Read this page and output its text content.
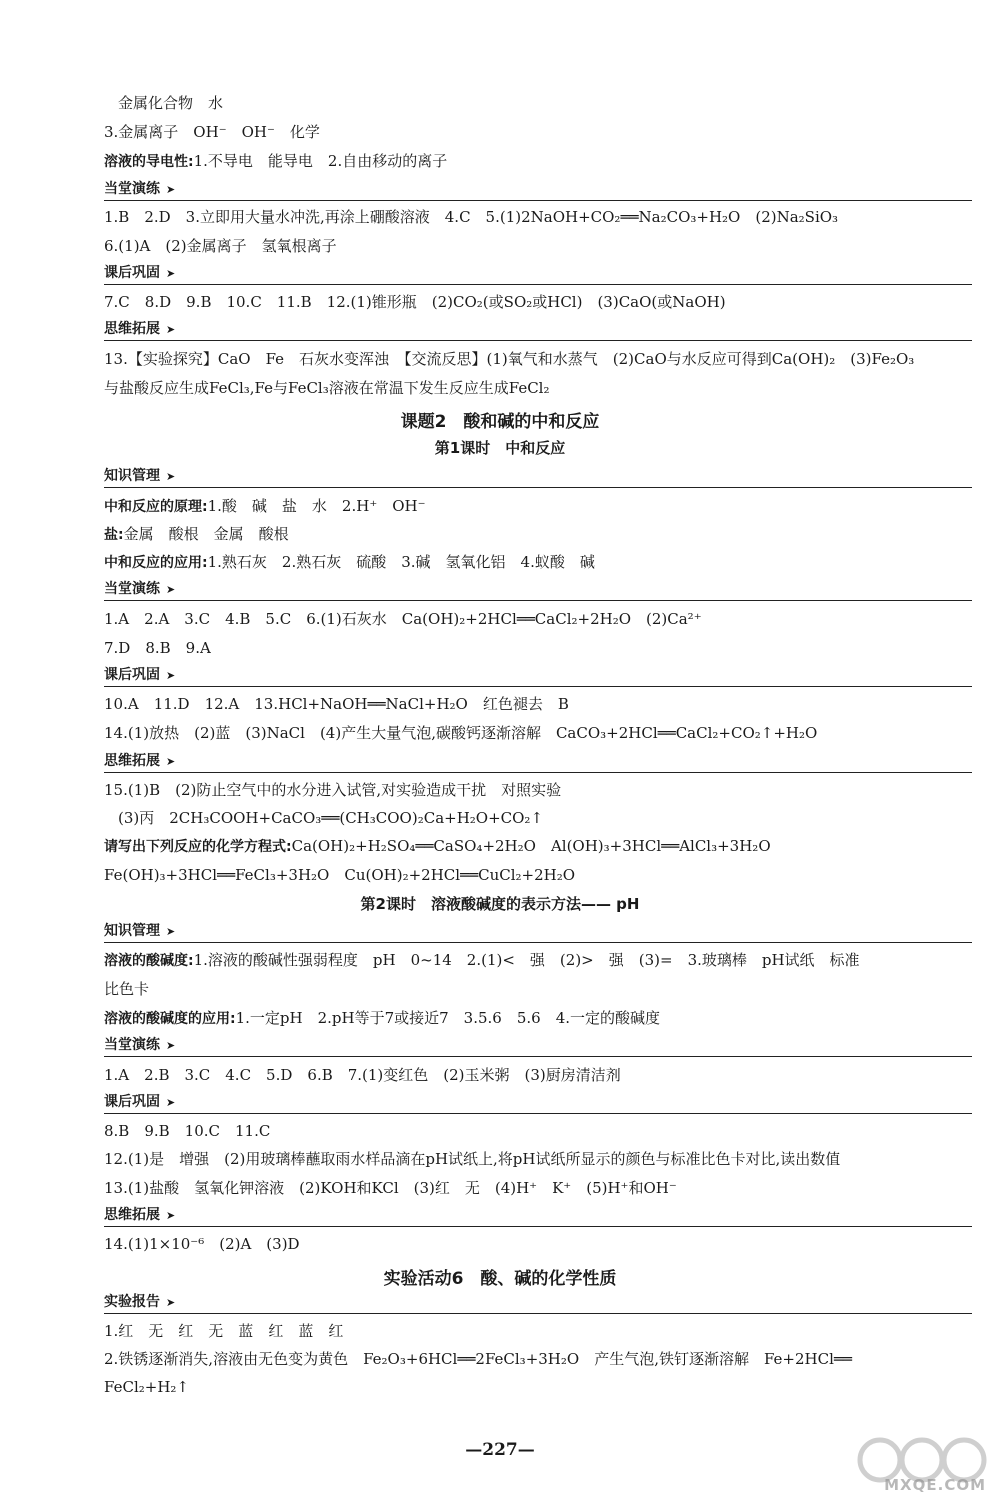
金属化合物　水
3.金属离子　OH⁻　OH⁻　化学
溶液的导电性:1.不导电　能导电　2.自由移动的离子
当堂演练 ➤
1.B　2.D　3.立即用大量水冲洗,再涂上硼酸溶液　4.C　5.(1)2NaOH+CO₂══Na₂CO₃+H₂O　(2)Na₂SiO₃
6.(1)A　(2)金属离子　氢氧根离子
课后巩固 ➤
7.C　8.D　9.B　10.C　11.B　12.(1)锥形瓶　(2)CO₂(或SO₂或HCl)　(3)CaO(或NaOH)
思维拓展 ➤
13.【实验探究】CaO　Fe　石灰水变浑浊　【交流反思】(1)氧气和水蒸气　(2)CaO与水反应可得到Ca(OH)₂　(3)Fe₂O₃
与盐酸反应生成FeCl₃,Fe与FeCl₃溶液在常温下发生反应生成FeCl₂
课题2　酸和碱的中和反应
第1课时　中和反应
知识管理 ➤
中和反应的原理:1.酸　碱　盐　水　2.H⁺　OH⁻
盐:金属　酸根　金属　酸根
中和反应的应用:1.熟石灰　2.熟石灰　硫酸　3.碱　氢氧化铝　4.蚁酸　碱
当堂演练 ➤
1.A　2.A　3.C　4.B　5.C　6.(1)石灰水　Ca(OH)₂+2HCl══CaCl₂+2H₂O　(2)Ca²⁺
7.D　8.B　9.A
课后巩固 ➤
10.A　11.D　12.A　13.HCl+NaOH══NaCl+H₂O　红色褪去　B
14.(1)放热　(2)蓝　(3)NaCl　(4)产生大量气泡,碳酸钙逐渐溶解　CaCO₃+2HCl══CaCl₂+CO₂↑+H₂O
思维拓展 ➤
15.(1)B　(2)防止空气中的水分进入试管,对实验造成干扰　对照实验
(3)丙　2CH₃COOH+CaCO₃══(CH₃COO)₂Ca+H₂O+CO₂↑
请写出下列反应的化学方程式:Ca(OH)₂+H₂SO₄══CaSO₄+2H₂O　Al(OH)₃+3HCl══AlCl₃+3H₂O
Fe(OH)₃+3HCl══FeCl₃+3H₂O　Cu(OH)₂+2HCl══CuCl₂+2H₂O
第2课时　溶液酸碱度的表示方法—— pH
知识管理 ➤
溶液的酸碱度:1.溶液的酸碱性强弱程度　pH　0~14　2.(1)<　强　(2)>　强　(3)=　3.玻璃棒　pH试纸　标准
比色卡
溶液的酸碱度的应用:1.一定pH　2.pH等于7或接近7　3.5.6　5.6　4.一定的酸碱度
当堂演练 ➤
1.A　2.B　3.C　4.C　5.D　6.B　7.(1)变红色　(2)玉米粥　(3)厨房清洁剂
课后巩固 ➤
8.B　9.B　10.C　11.C
12.(1)是　增强　(2)用玻璃棒蘸取雨水样品滴在pH试纸上,将pH试纸所显示的颜色与标准比色卡对比,读出数值
13.(1)盐酸　氢氧化钾溶液　(2)KOH和KCl　(3)红　无　(4)H⁺　K⁺　(5)H⁺和OH⁻
思维拓展 ➤
14.(1)1×10⁻⁶　(2)A　(3)D
实验活动6　酸、碱的化学性质
实验报告 ➤
1.红　无　红　无　蓝　红　蓝　红
2.铁锈逐渐消失,溶液由无色变为黄色　Fe₂O₃+6HCl══2FeCl₃+3H₂O　产生气泡,铁钉逐渐溶解　Fe+2HCl══
FeCl₂+H₂↑
—227—
MXQE.COM
